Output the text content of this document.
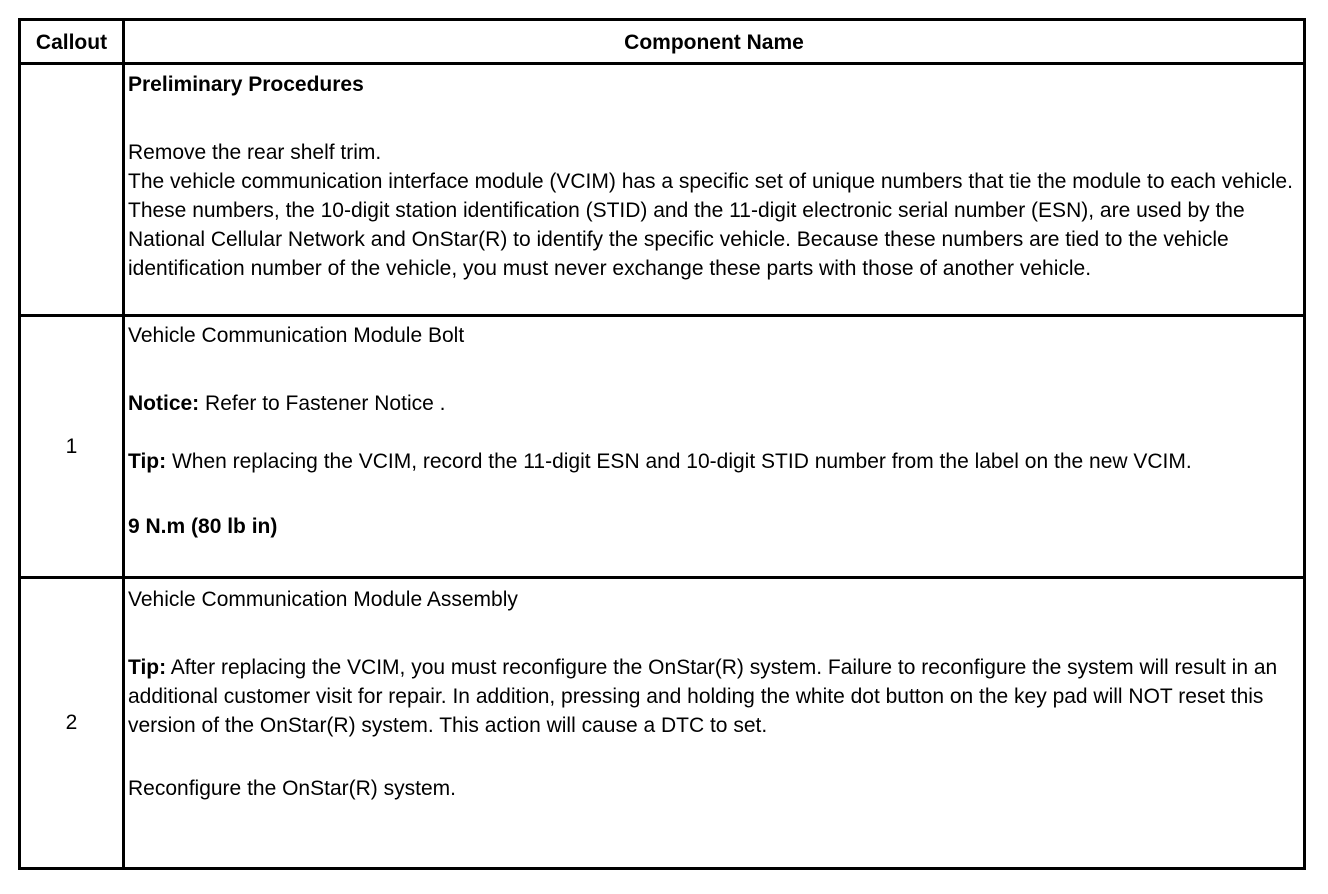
Callout	Component Name

Preliminary Procedures

Remove the rear shelf trim.

The vehicle communication interface module (VCIM) has a specific set of unique numbers that tie the module to each vehicle. These numbers, the 10-digit station identification (STID) and the 11-digit electronic serial number (ESN), are used by the National Cellular Network and OnStar(R) to identify the specific vehicle. Because these numbers are tied to the vehicle identification number of the vehicle, you must never exchange these parts with those of another vehicle.

1

Vehicle Communication Module Bolt

Notice: Refer to Fastener Notice .

Tip: When replacing the VCIM, record the 11-digit ESN and 10-digit STID number from the label on the new VCIM.

9 N.m (80 lb in)

2

Vehicle Communication Module Assembly

Tip: After replacing the VCIM, you must reconfigure the OnStar(R) system. Failure to reconfigure the system will result in an additional customer visit for repair. In addition, pressing and holding the white dot button on the key pad will NOT reset this version of the OnStar(R) system. This action will cause a DTC to set.

Reconfigure the OnStar(R) system.
